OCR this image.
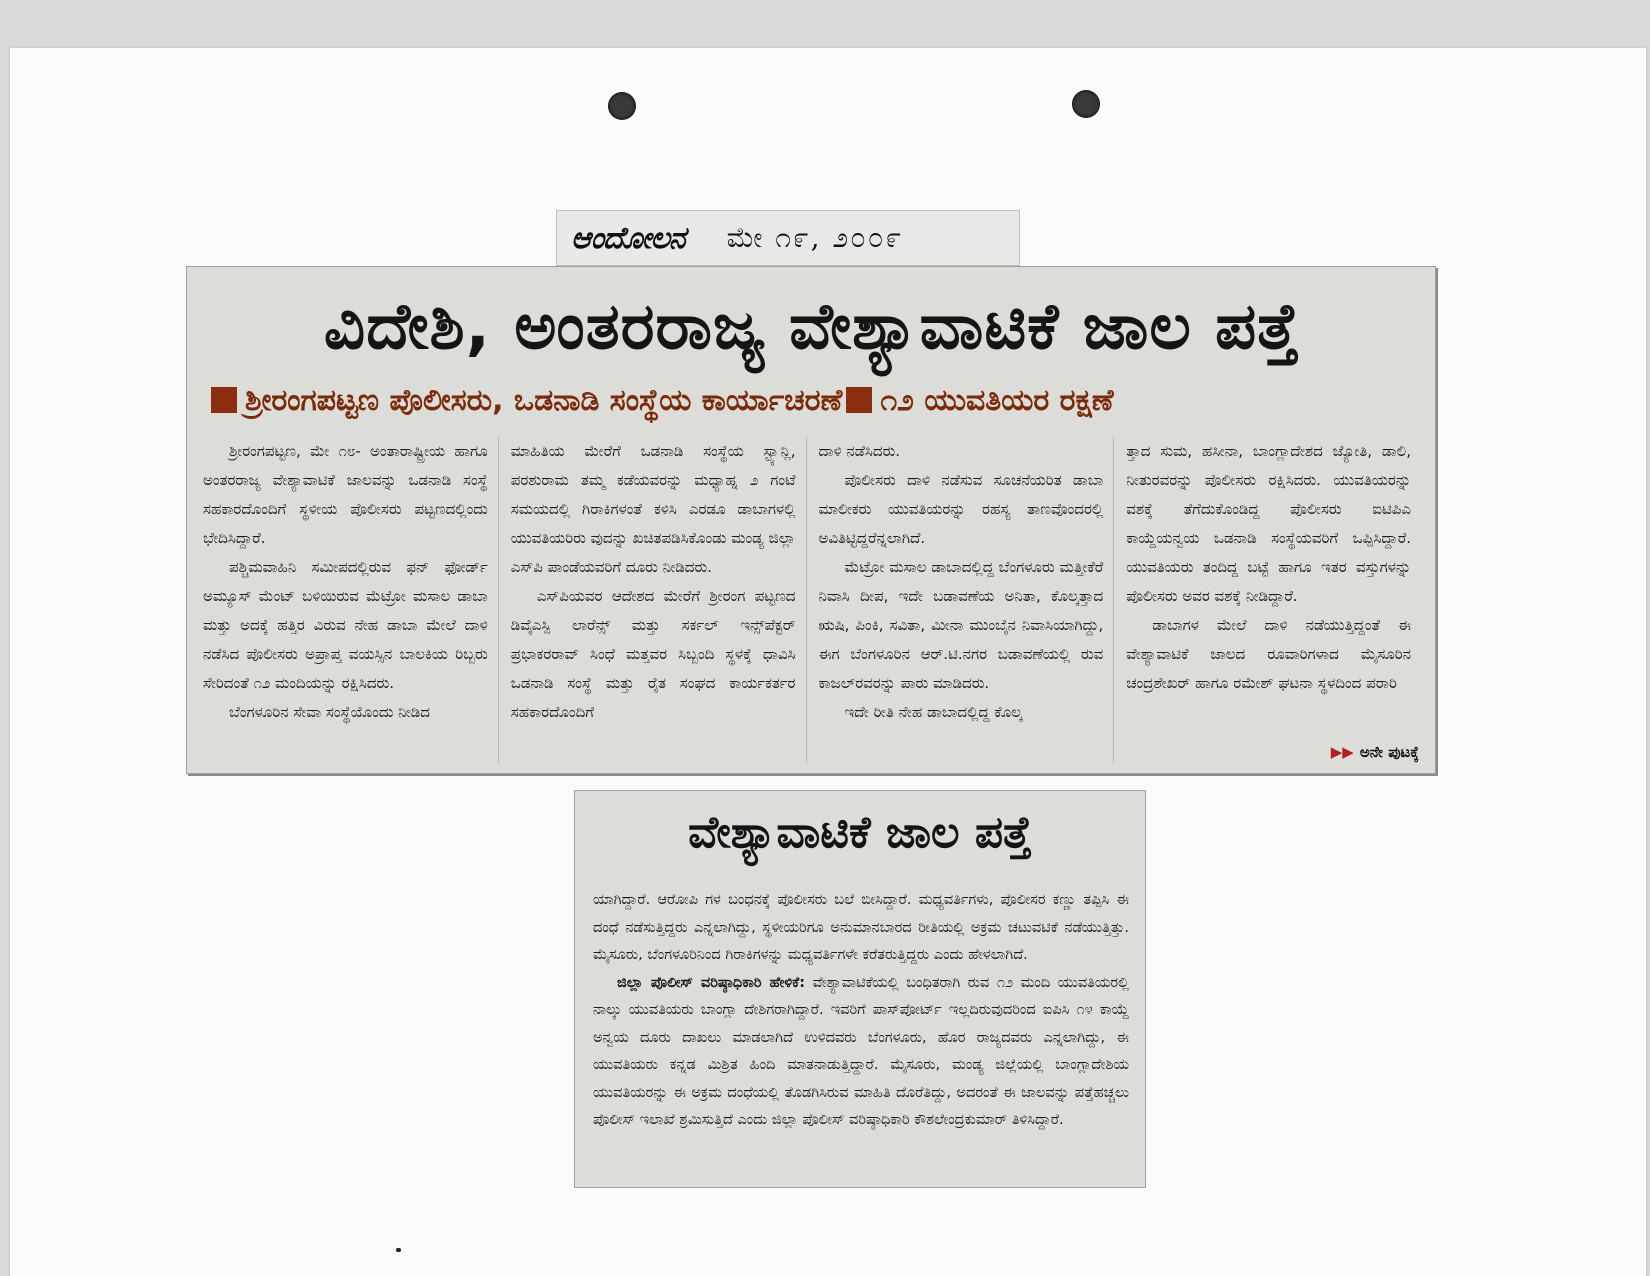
ಆಂದೋಲನ ಮೇ ೧೯, ೨೦೦೯
ವಿದೇಶಿ, ಅಂತರರಾಜ್ಯ ವೇಶ್ಯಾವಾಟಿಕೆ ಜಾಲ ಪತ್ತೆ
ಶ್ರೀರಂಗಪಟ್ಟಣ ಪೊಲೀಸರು, ಒಡನಾಡಿ ಸಂಸ್ಥೆಯ ಕಾರ್ಯಾಚರಣೆ ೧೨ ಯುವತಿಯರ ರಕ್ಷಣೆ

ಶ್ರೀರಂಗಪಟ್ಟಣ, ಮೇ ೧೮- ಅಂತಾರಾಷ್ಟ್ರೀಯ ಹಾಗೂ ಅಂತರರಾಜ್ಯ ವೇಶ್ಯಾವಾಟಿಕೆ ಜಾಲವನ್ನು ಒಡನಾಡಿ ಸಂಸ್ಥೆ ಸಹಕಾರದೊಂದಿಗೆ ಸ್ಥಳೀಯ ಪೊಲೀಸರು ಪಟ್ಟಣದಲ್ಲಿಂದು ಭೇದಿಸಿದ್ದಾರೆ.

ಪಶ್ಚಿಮವಾಹಿನಿ ಸಮೀಪದಲ್ಲಿರುವ ಫನ್ ಫೋರ್ಡ್ ಅಮ್ಯೂಸ್ ಮೆಂಟ್ ಬಳಿಯಿರುವ ಮೆಟ್ರೋ ಮಸಾಲ ಡಾಬಾ ಮತ್ತು ಅದಕ್ಕೆ ಹತ್ತಿರ ವಿರುವ ನೇಹ ಡಾಬಾ ಮೇಲೆ ದಾಳಿ ನಡೆಸಿದ ಪೊಲೀಸರು ಅಪ್ರಾಪ್ತ ವಯಸ್ಸಿನ ಬಾಲಕಿಯ ರಿಬ್ಬರು ಸೇರಿದಂತೆ ೧೨ ಮಂದಿಯನ್ನು ರಕ್ಷಿಸಿದರು.

ಬೆಂಗಳೂರಿನ ಸೇವಾ ಸಂಸ್ಥೆಯೊಂದು ನೀಡಿದ

ಮಾಹಿತಿಯ ಮೇರೆಗೆ ಒಡನಾಡಿ ಸಂಸ್ಥೆಯ ಸ್ಟ್ಯಾನ್ಲಿ, ಪರಶುರಾಮ ತಮ್ಮ ಕಡೆಯವರನ್ನು ಮಧ್ಯಾಹ್ನ ೨ ಗಂಟೆ ಸಮಯದಲ್ಲಿ ಗಿರಾಕಿಗಳಂತೆ ಕಳಿಸಿ ಎರಡೂ ಡಾಬಾಗಳಲ್ಲಿ ಯುವತಿಯರಿರು ವುದನ್ನು ಖಚಿತಪಡಿಸಿಕೊಂಡು ಮಂಡ್ಯ ಜಿಲ್ಲಾ ಎಸ್‌ಪಿ ಪಾಂಡೆಯವರಿಗೆ ದೂರು ನೀಡಿದರು.

ಎಸ್‌ಪಿಯವರ ಆದೇಶದ ಮೇರೆಗೆ ಶ್ರೀರಂಗ ಪಟ್ಟಣದ ಡಿವೈಎಸ್ಪಿ ಲಾರೆನ್ಸ್ ಮತ್ತು ಸರ್ಕಲ್ ಇನ್ಸ್‌ಪೆಕ್ಟರ್ ಪ್ರಭಾಕರರಾವ್ ಸಿಂಧೆ ಮತ್ತವರ ಸಿಬ್ಬಂದಿ ಸ್ಥಳಕ್ಕೆ ಧಾವಿಸಿ ಒಡನಾಡಿ ಸಂಸ್ಥೆ ಮತ್ತು ರೈತ ಸಂಘದ ಕಾರ್ಯಕರ್ತರ ಸಹಕಾರದೊಂದಿಗೆ

ದಾಳಿ ನಡೆಸಿದರು.

ಪೊಲೀಸರು ದಾಳಿ ನಡೆಸುವ ಸೂಚನೆಯರಿತ ಡಾಬಾ ಮಾಲೀಕರು ಯುವತಿಯರನ್ನು ರಹಸ್ಯ ತಾಣವೊಂದರಲ್ಲಿ ಅವಿತಿಟ್ಟಿದ್ದರೆನ್ನಲಾಗಿದೆ.

ಮೆಟ್ರೋ ಮಸಾಲ ಡಾಬಾದಲ್ಲಿದ್ದ ಬೆಂಗಳೂರು ಮತ್ತೀಕೆರೆ ನಿವಾಸಿ ದೀಪ, ಇದೇ ಬಡಾವಣೆಯ ಅನಿತಾ, ಕೊಲ್ಕತ್ತಾದ ಋಷಿ, ಪಿಂಕಿ, ಸವಿತಾ, ಮೀನಾ ಮುಂಬೈನ ನಿವಾಸಿಯಾಗಿದ್ದು, ಈಗ ಬೆಂಗಳೂರಿನ ಆರ್.ಟಿ.ನಗರ ಬಡಾವಣೆಯಲ್ಲಿ ರುವ ಕಾಜಲ್‌ರವರನ್ನು ಪಾರು ಮಾಡಿದರು.

ಇದೇ ರೀತಿ ನೇಹ ಡಾಬಾದಲ್ಲಿದ್ದ ಕೊಲ್ಕ

ತ್ತಾದ ಸುಮ, ಹಸೀನಾ, ಬಾಂಗ್ಲಾದೇಶದ ಜ್ಯೋತಿ, ಡಾಲಿ, ನೀತುರವರನ್ನು ಪೊಲೀಸರು ರಕ್ಷಿಸಿದರು. ಯುವತಿಯರನ್ನು ವಶಕ್ಕೆ ತೆಗೆದುಕೊಂಡಿದ್ದ ಪೊಲೀಸರು ಐಟಿಪಿಎ ಕಾಯ್ದೆಯನ್ವಯ ಒಡನಾಡಿ ಸಂಸ್ಥೆಯವರಿಗೆ ಒಪ್ಪಿಸಿದ್ದಾರೆ. ಯುವತಿಯರು ತಂದಿದ್ದ ಬಟ್ಟೆ ಹಾಗೂ ಇತರ ವಸ್ತುಗಳನ್ನು ಪೊಲೀಸರು ಅವರ ವಶಕ್ಕೆ ನೀಡಿದ್ದಾರೆ.

ಡಾಬಾಗಳ ಮೇಲೆ ದಾಳಿ ನಡೆಯುತ್ತಿದ್ದಂತೆ ಈ ವೇಶ್ಯಾವಾಟಿಕೆ ಜಾಲದ ರೂವಾರಿಗಳಾದ ಮೈಸೂರಿನ ಚಂದ್ರಶೇಖರ್ ಹಾಗೂ ರಮೇಶ್ ಘಟನಾ ಸ್ಥಳದಿಂದ ಪರಾರಿ

▶▶ ಅನೇ ಪುಟಕ್ಕೆ
ವೇಶ್ಯಾವಾಟಿಕೆ ಜಾಲ ಪತ್ತೆ

ಯಾಗಿದ್ದಾರೆ. ಆರೋಪಿ ಗಳ ಬಂಧನಕ್ಕೆ ಪೊಲೀಸರು ಬಲೆ ಬೀಸಿದ್ದಾರೆ. ಮಧ್ಯವರ್ತಿಗಳು, ಪೊಲೀಸರ ಕಣ್ಣು ತಪ್ಪಿಸಿ ಈ ದಂಧೆ ನಡೆಸುತ್ತಿದ್ದರು ಎನ್ನಲಾಗಿದ್ದು, ಸ್ಥಳೀಯರಿಗೂ ಅನುಮಾನಬಾರದ ರೀತಿಯಲ್ಲಿ ಅಕ್ರಮ ಚಟುವಟಿಕೆ ನಡೆಯುತ್ತಿತ್ತು. ಮೈಸೂರು, ಬೆಂಗಳೂರಿನಿಂದ ಗಿರಾಕಿಗಳನ್ನು ಮಧ್ಯವರ್ತಿಗಳೇ ಕರೆತರುತ್ತಿದ್ದರು ಎಂದು ಹೇಳಲಾಗಿದೆ.

ಜಿಲ್ಲಾ ಪೊಲೀಸ್ ವರಿಷ್ಠಾಧಿಕಾರಿ ಹೇಳಿಕೆ: ವೇಶ್ಯಾವಾಟಿಕೆಯಲ್ಲಿ ಬಂಧಿತರಾಗಿ ರುವ ೧೨ ಮಂದಿ ಯುವತಿಯರಲ್ಲಿ ನಾಲ್ಕು ಯುವತಿಯರು ಬಾಂಗ್ಲಾ ದೇಶಿಗರಾಗಿದ್ದಾರೆ. ಇವರಿಗೆ ಪಾಸ್‌ಪೋರ್ಟ್ ಇಲ್ಲದಿರುವುದರಿಂದ ಐಪಿಸಿ ೧೪ ಕಾಯ್ದೆ ಅನ್ವಯ ದೂರು ದಾಖಲು ಮಾಡಲಾಗಿದೆ ಉಳಿದವರು ಬೆಂಗಳೂರು, ಹೊರ ರಾಜ್ಯದವರು ಎನ್ನಲಾಗಿದ್ದು, ಈ ಯುವತಿಯರು ಕನ್ನಡ ಮಿಶ್ರಿತ ಹಿಂದಿ ಮಾತನಾಡುತ್ತಿದ್ದಾರೆ. ಮೈಸೂರು, ಮಂಡ್ಯ ಜಿಲ್ಲೆಯಲ್ಲಿ ಬಾಂಗ್ಲಾದೇಶಿಯ ಯುವತಿಯರನ್ನು ಈ ಅಕ್ರಮ ದಂಧೆಯಲ್ಲಿ ತೊಡಗಿಸಿರುವ ಮಾಹಿತಿ ದೊರೆತಿದ್ದು, ಅದರಂತೆ ಈ ಜಾಲವನ್ನು ಪತ್ತೆಹಚ್ಚಲು ಪೊಲೀಸ್ ಇಲಾಖೆ ಶ್ರಮಿಸುತ್ತಿದೆ ಎಂದು ಜಿಲ್ಲಾ ಪೊಲೀಸ್ ವರಿಷ್ಠಾಧಿಕಾರಿ ಕೌಶಲೇಂದ್ರಕುಮಾರ್ ತಿಳಿಸಿದ್ದಾರೆ.
